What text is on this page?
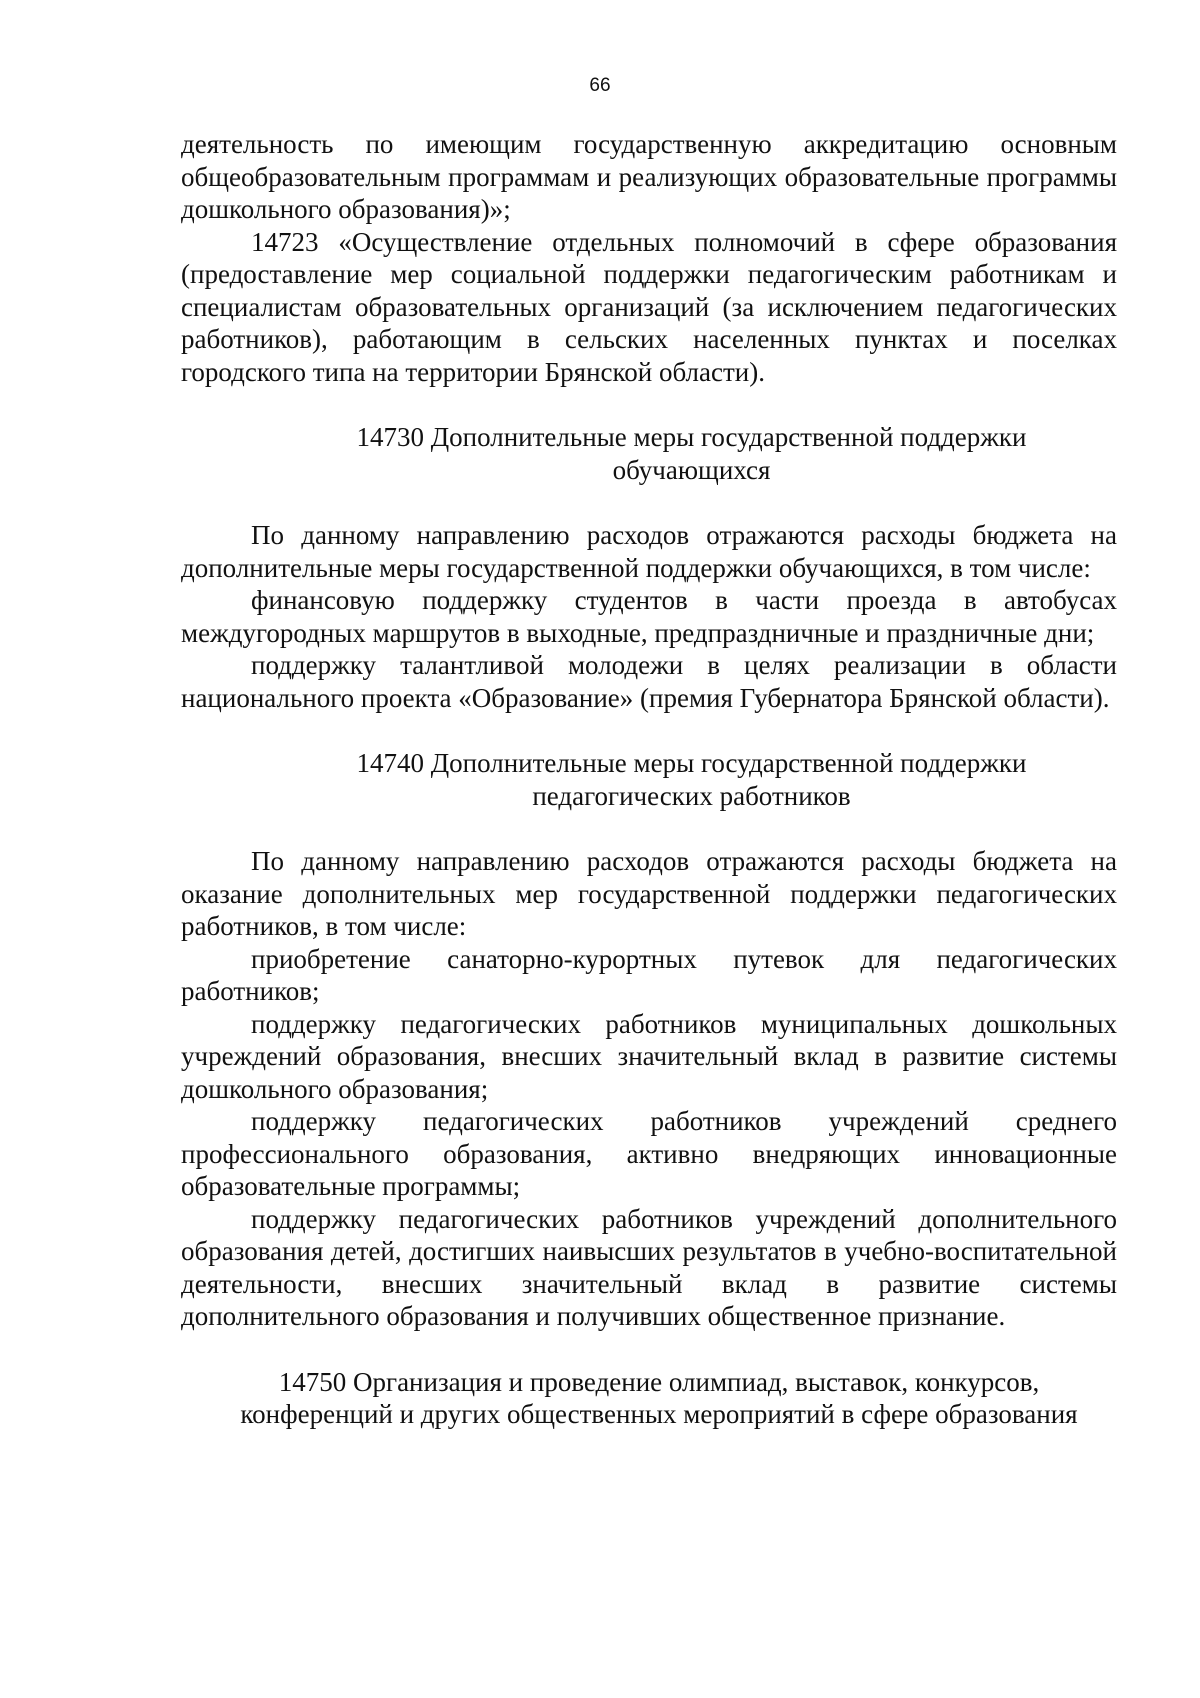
66

деятельность по имеющим государственную аккредитацию основным общеобразовательным программам и реализующих образовательные программы дошкольного образования)»;

14723 «Осуществление отдельных полномочий в сфере образования (предоставление мер социальной поддержки педагогическим работникам и специалистам образовательных организаций (за исключением педагогических работников), работающим в сельских населенных пунктах и поселках городского типа на территории Брянской области).

14730 Дополнительные меры государственной поддержки
обучающихся

По данному направлению расходов отражаются расходы бюджета на дополнительные меры государственной поддержки обучающихся, в том числе:

финансовую поддержку студентов в части проезда в автобусах междугородных маршрутов в выходные, предпраздничные и праздничные дни;

поддержку талантливой молодежи в целях реализации в области национального проекта «Образование» (премия Губернатора Брянской области).

14740 Дополнительные меры государственной поддержки
педагогических работников

По данному направлению расходов отражаются расходы бюджета на оказание дополнительных мер государственной поддержки педагогических работников, в том числе:

приобретение санаторно-курортных путевок для педагогических работников;

поддержку педагогических работников муниципальных дошкольных учреждений образования, внесших значительный вклад в развитие системы дошкольного образования;

поддержку педагогических работников учреждений среднего профессионального образования, активно внедряющих инновационные образовательные программы;

поддержку педагогических работников учреждений дополнительного образования детей, достигших наивысших результатов в учебно-воспитательной деятельности, внесших значительный вклад в развитие системы дополнительного образования и получивших общественное признание.

14750 Организация и проведение олимпиад, выставок, конкурсов,
конференций и других общественных мероприятий в сфере образования
